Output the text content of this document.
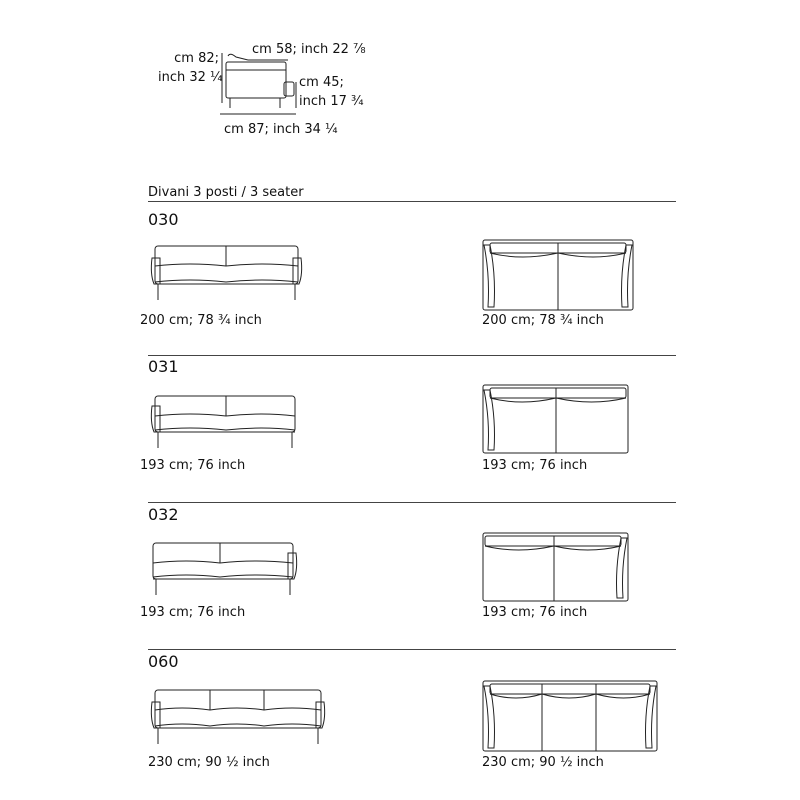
cm 82;
inch 32 ¼
cm 58; inch 22 ⅞
cm 45;
inch 17 ¾
cm 87; inch 34 ¼
Divani 3 posti / 3 seater
030
200 cm; 78 ¾ inch	200 cm; 78 ¾ inch
031
193 cm; 76 inch	193 cm; 76 inch
032
193 cm; 76 inch	193 cm; 76 inch
060
230 cm; 90 ½ inch	230 cm; 90 ½ inch
